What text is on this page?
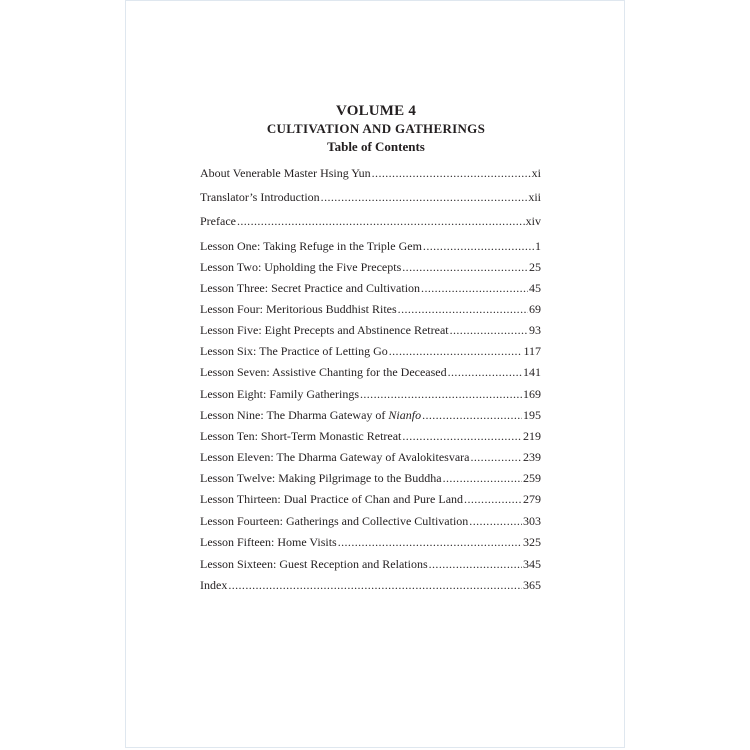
VOLUME 4
CULTIVATION AND GATHERINGS
Table of Contents
About Venerable Master Hsing Yun .....	xi
Translator’s Introduction .....	xii
Preface .....	xiv
Lesson One: Taking Refuge in the Triple Gem .....	1
Lesson Two: Upholding the Five Precepts .....	25
Lesson Three: Secret Practice and Cultivation .....	45
Lesson Four: Meritorious Buddhist Rites .....	69
Lesson Five: Eight Precepts and Abstinence Retreat .....	93
Lesson Six: The Practice of Letting Go .....	117
Lesson Seven: Assistive Chanting for the Deceased .....	141
Lesson Eight: Family Gatherings .....	169
Lesson Nine: The Dharma Gateway of Nianfo .....	195
Lesson Ten: Short-Term Monastic Retreat .....	219
Lesson Eleven: The Dharma Gateway of Avalokitesvara .....	239
Lesson Twelve: Making Pilgrimage to the Buddha .....	259
Lesson Thirteen: Dual Practice of Chan and Pure Land .....	279
Lesson Fourteen: Gatherings and Collective Cultivation .....	303
Lesson Fifteen: Home Visits .....	325
Lesson Sixteen: Guest Reception and Relations .....	345
Index .....	365
